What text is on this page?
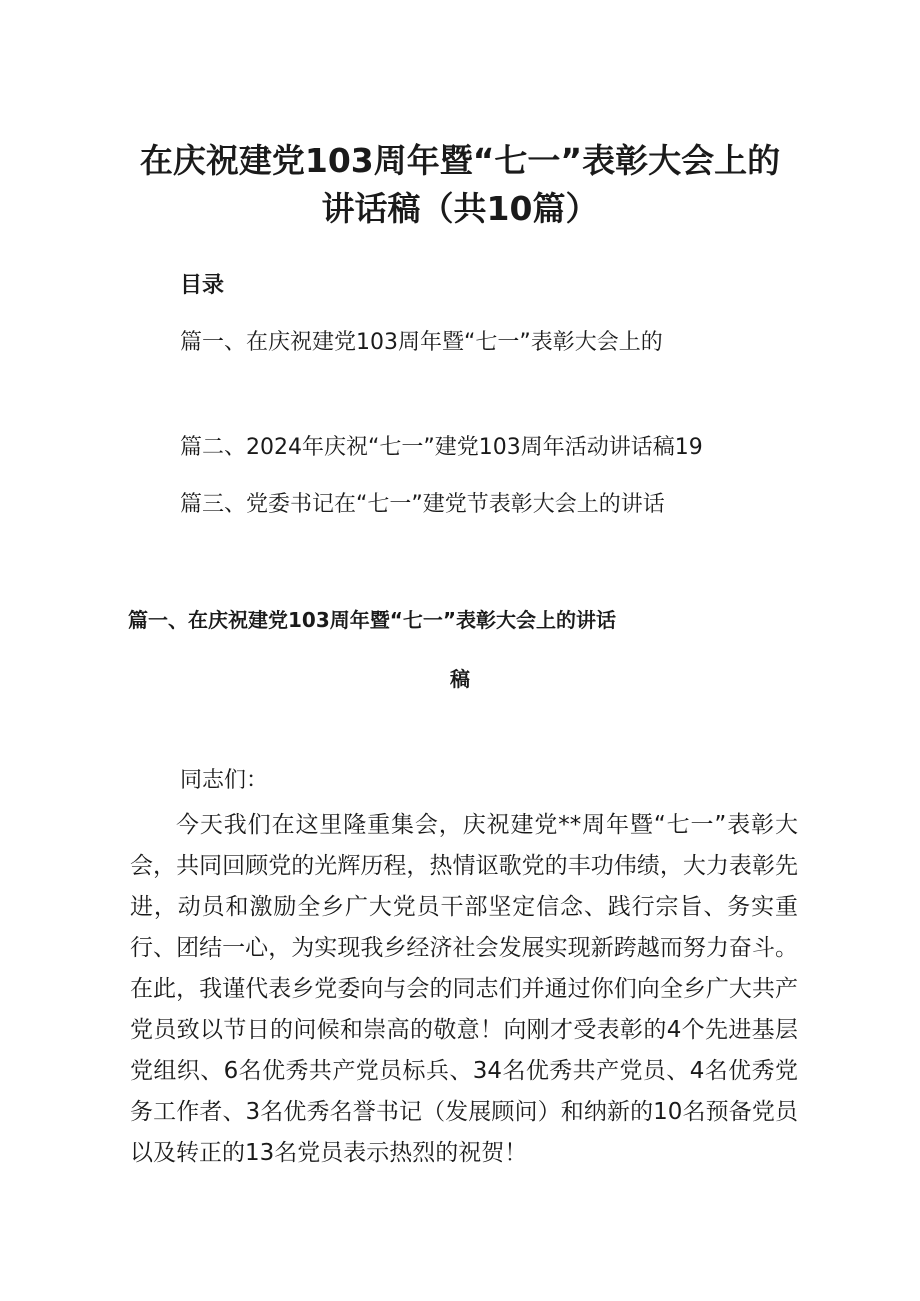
在庆祝建党103周年暨“七一”表彰大会上的
讲话稿（共10篇）
目录
篇一、在庆祝建党103周年暨“七一”表彰大会上的
篇二、2024年庆祝“七一”建党103周年活动讲话稿19
篇三、党委书记在“七一”建党节表彰大会上的讲话
篇一、在庆祝建党103周年暨“七一”表彰大会上的讲话
稿
同志们：

今天我们在这里隆重集会，庆祝建党**周年暨“七一”表彰大会，共同回顾党的光辉历程，热情讴歌党的丰功伟绩，大力表彰先进，动员和激励全乡广大党员干部坚定信念、践行宗旨、务实重行、团结一心，为实现我乡经济社会发展实现新跨越而努力奋斗。在此，我谨代表乡党委向与会的同志们并通过你们向全乡广大共产党员致以节日的问候和崇高的敬意！向刚才受表彰的4个先进基层党组织、6名优秀共产党员标兵、34名优秀共产党员、4名优秀党务工作者、3名优秀名誉书记（发展顾问）和纳新的10名预备党员以及转正的13名党员表示热烈的祝贺！
